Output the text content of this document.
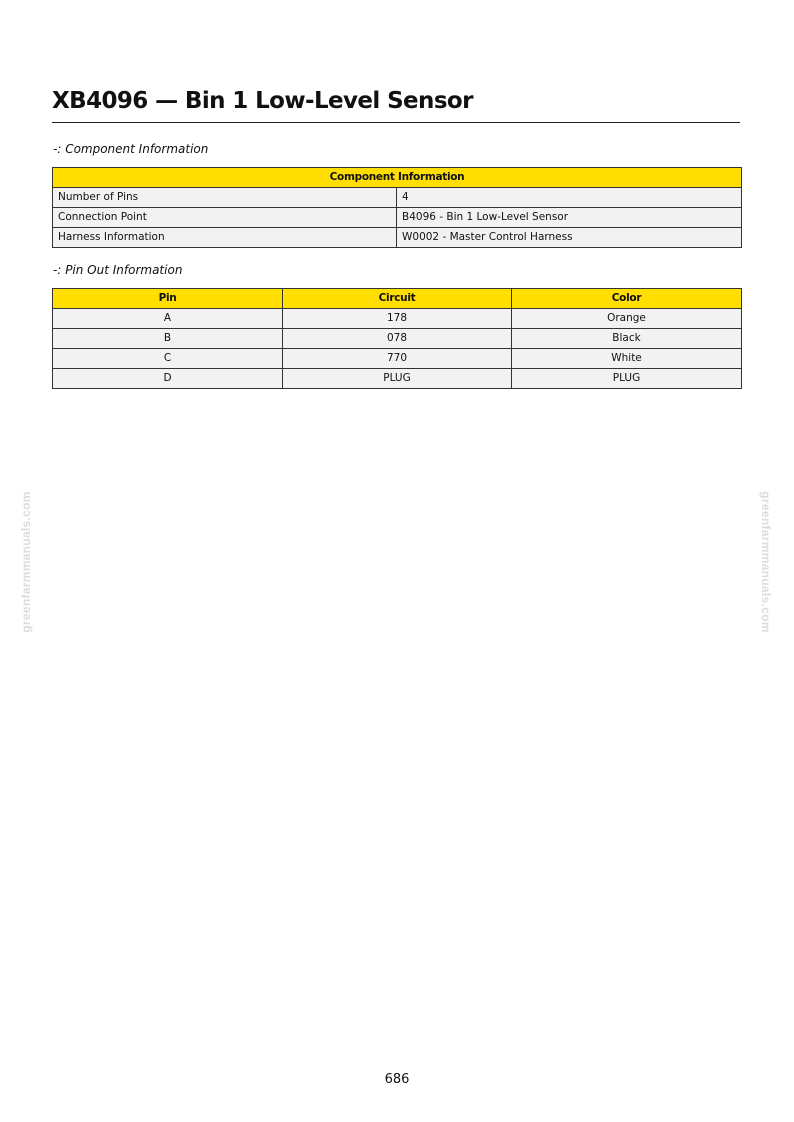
XB4096 — Bin 1 Low-Level Sensor
-: Component Information
Component Information	
Number of Pins	4
Connection Point	B4096 - Bin 1 Low-Level Sensor
Harness Information	W0002 - Master Control Harness
-: Pin Out Information
Pin	Circuit	Color
A	178	Orange
B	078	Black
C	770	White
D	PLUG	PLUG
greenfarmmanuals.com	greenfarmmanuals.com
686
